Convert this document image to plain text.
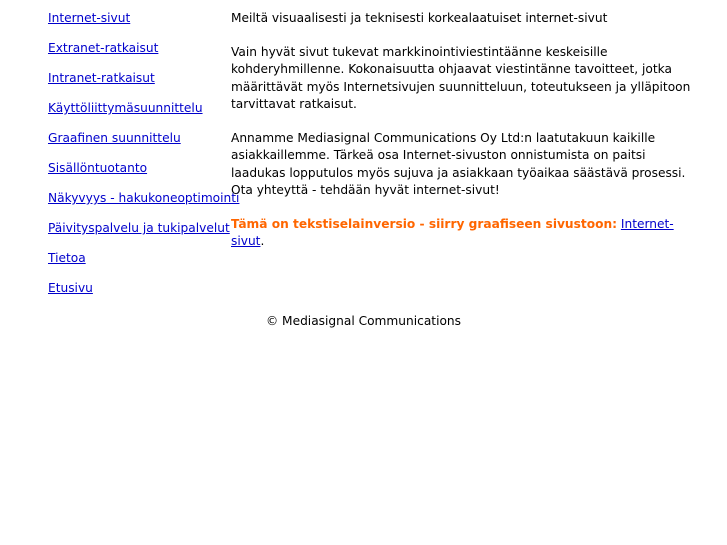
Internet-sivut
Extranet-ratkaisut
Intranet-ratkaisut
Käyttöliittymäsuunnittelu
Graafinen suunnittelu
Sisällöntuotanto
Näkyvyys - hakukoneoptimointi
Päivityspalvelu ja tukipalvelut
Tietoa
Etusivu

Meiltä visuaalisesti ja teknisesti korkealaatuiset internet-sivut

Vain hyvät sivut tukevat markkinointiviestintäänne keskeisille kohderyhmillenne. Kokonaisuutta ohjaavat viestintänne tavoitteet, jotka määrittävät myös Internetsivujen suunnitteluun, toteutukseen ja ylläpitoon tarvittavat ratkaisut.

Annamme Mediasignal Communications Oy Ltd:n laatutakuun kaikille asiakkaillemme. Tärkeä osa Internet-sivuston onnistumista on paitsi laadukas lopputulos myös sujuva ja asiakkaan työaikaa säästävä prosessi. Ota yhteyttä - tehdään hyvät internet-sivut!

Tämä on tekstiselainversio - siirry graafiseen sivustoon: Internet-sivut.

© Mediasignal Communications
